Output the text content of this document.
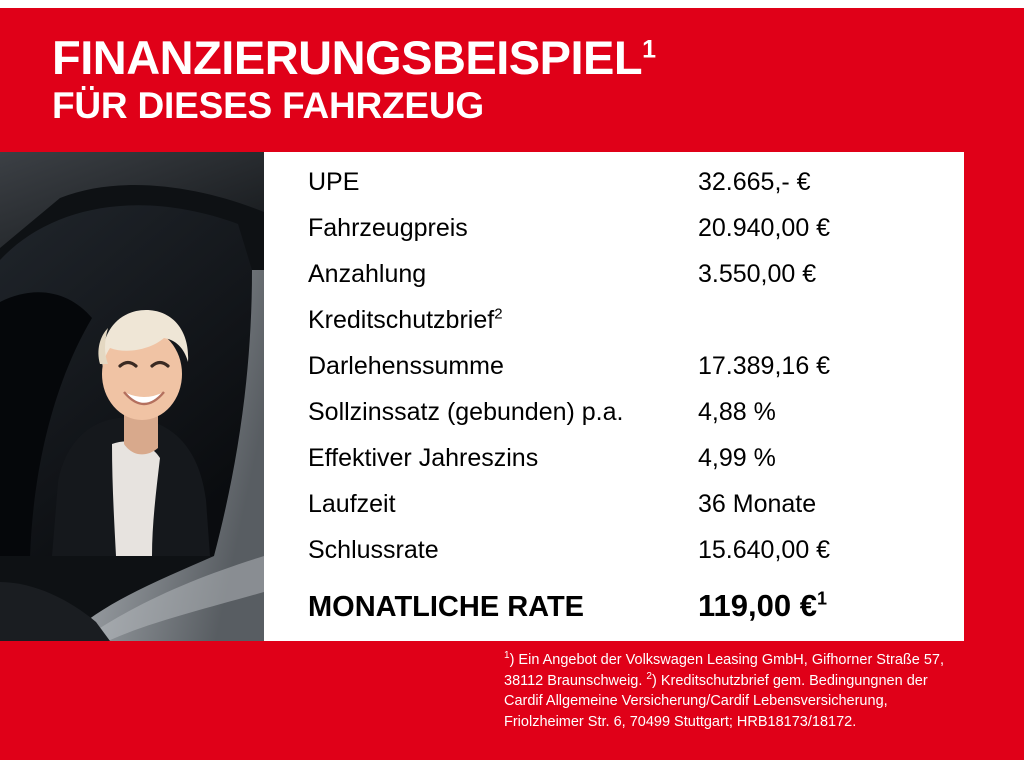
FINANZIERUNGSBEISPIEL$^1$
FÜR DIESES FAHRZEUG
UPE	32.665,- €
Fahrzeugpreis	20.940,00 €
Anzahlung	3.550,00 €
Kreditschutzbrief$^2$
Darlehenssumme	17.389,16 €
Sollzinssatz (gebunden) p.a.	4,88 %
Effektiver Jahreszins	4,99 %
Laufzeit	36 Monate
Schlussrate	15.640,00 €
MONATLICHE RATE	119,00 €$^1$
$^1$) Ein Angebot der Volkswagen Leasing GmbH, Gifhorner Straße 57, 38112 Braunschweig. $^2$) Kreditschutzbrief gem. Bedingungnen der Cardif Allgemeine Versicherung/Cardif Lebensversicherung, Friolzheimer Str. 6, 70499 Stuttgart; HRB18173/18172.
